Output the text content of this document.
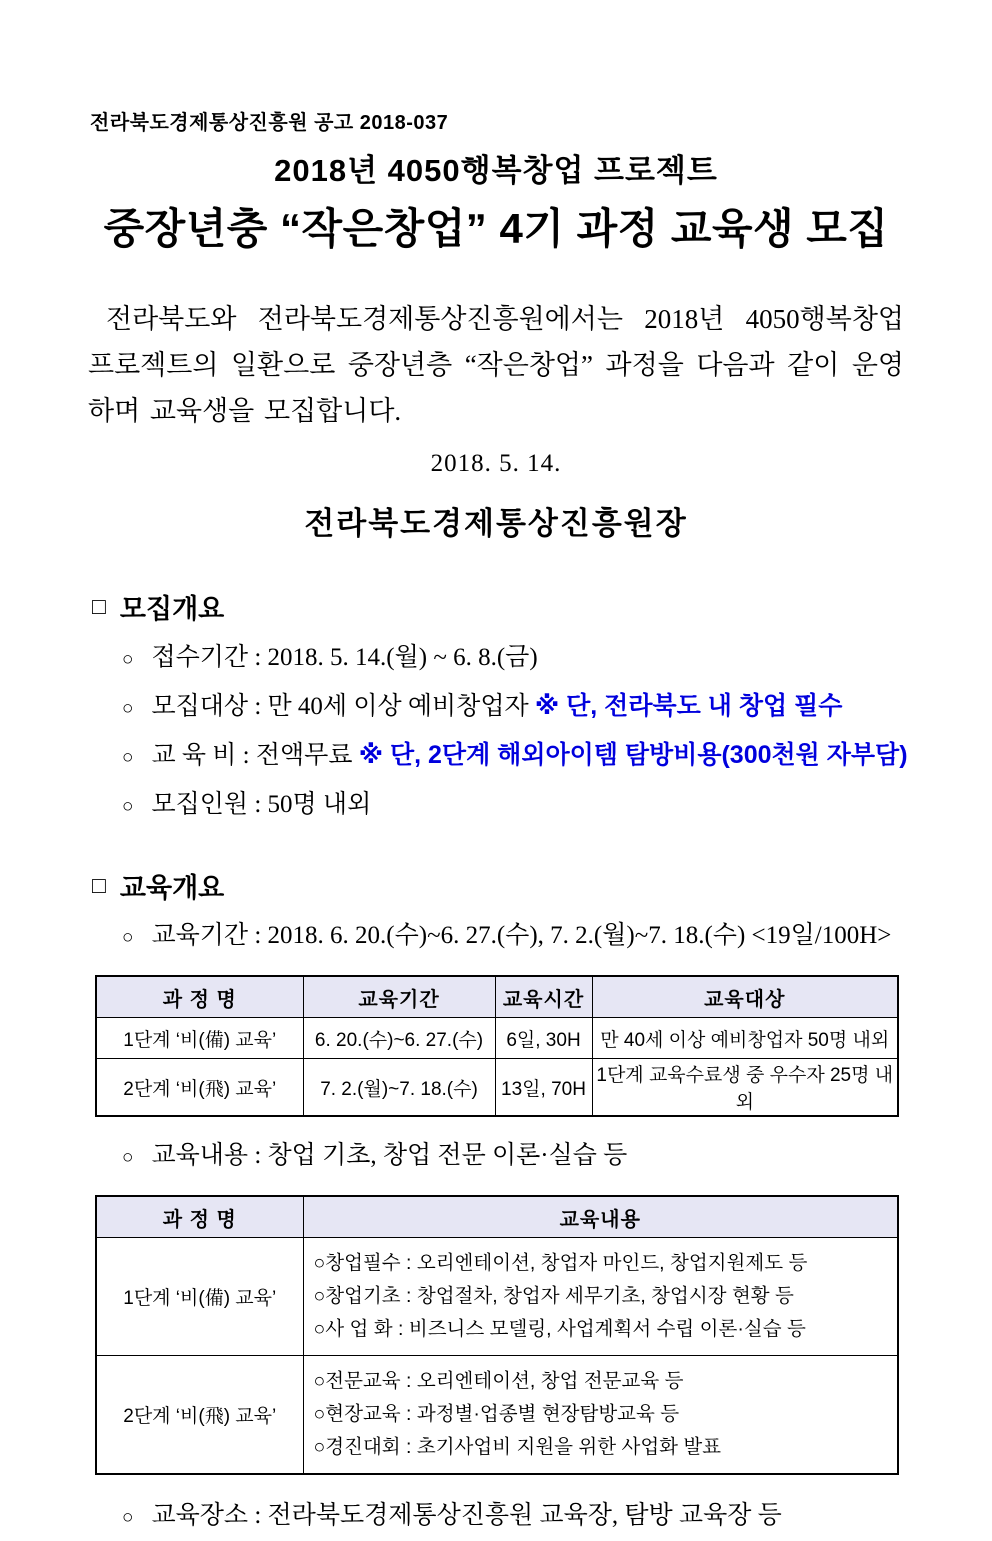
전라북도경제통상진흥원 공고 2018-037
2018년 4050행복창업 프로젝트
중장년충 “작은창업” 4기 과정 교육생 모집

전라북도와 전라북도경제통상진흥원에서는 2018년 4050행복창업 프로젝트의 일환으로 중장년층 “작은창업” 과정을 다음과 같이 운영하며 교육생을 모집합니다.

2018. 5. 14.
전라북도경제통상진흥원장
□ 모집개요
○ 접수기간 : 2018. 5. 14.(월) ~ 6. 8.(금)
○ 모집대상 : 만 40세 이상 예비창업자 ※ 단, 전라북도 내 창업 필수
○ 교 육 비 : 전액무료 ※ 단, 2단계 해외아이템 탐방비용(300천원 자부담)
○ 모집인원 : 50명 내외
□ 교육개요
○ 교육기간 : 2018. 6. 20.(수)~6. 27.(수), 7. 2.(월)~7. 18.(수) <19일/100H>
과 정 명	교육기간	교육시간	교육대상
1단계 ‘비(備) 교육’	6. 20.(수)~6. 27.(수)	6일, 30H	만 40세 이상 예비창업자 50명 내외
2단계 ‘비(飛) 교육’	7. 2.(월)~7. 18.(수)	13일, 70H	1단계 교육수료생 중 우수자 25명 내외
○ 교육내용 : 창업 기초, 창업 전문 이론·실습 등
과 정 명	교육내용
1단계 ‘비(備) 교육’	○창업필수 : 오리엔테이션, 창업자 마인드, 창업지원제도 등
○창업기초 : 창업절차, 창업자 세무기초, 창업시장 현황 등
○사 업 화 : 비즈니스 모델링, 사업계획서 수립 이론·실습 등

2단계 ‘비(飛) 교육’	○전문교육 : 오리엔테이션, 창업 전문교육 등
○현장교육 : 과정별·업종별 현장탐방교육 등
○경진대회 : 초기사업비 지원을 위한 사업화 발표
○ 교육장소 : 전라북도경제통상진흥원 교육장, 탐방 교육장 등
